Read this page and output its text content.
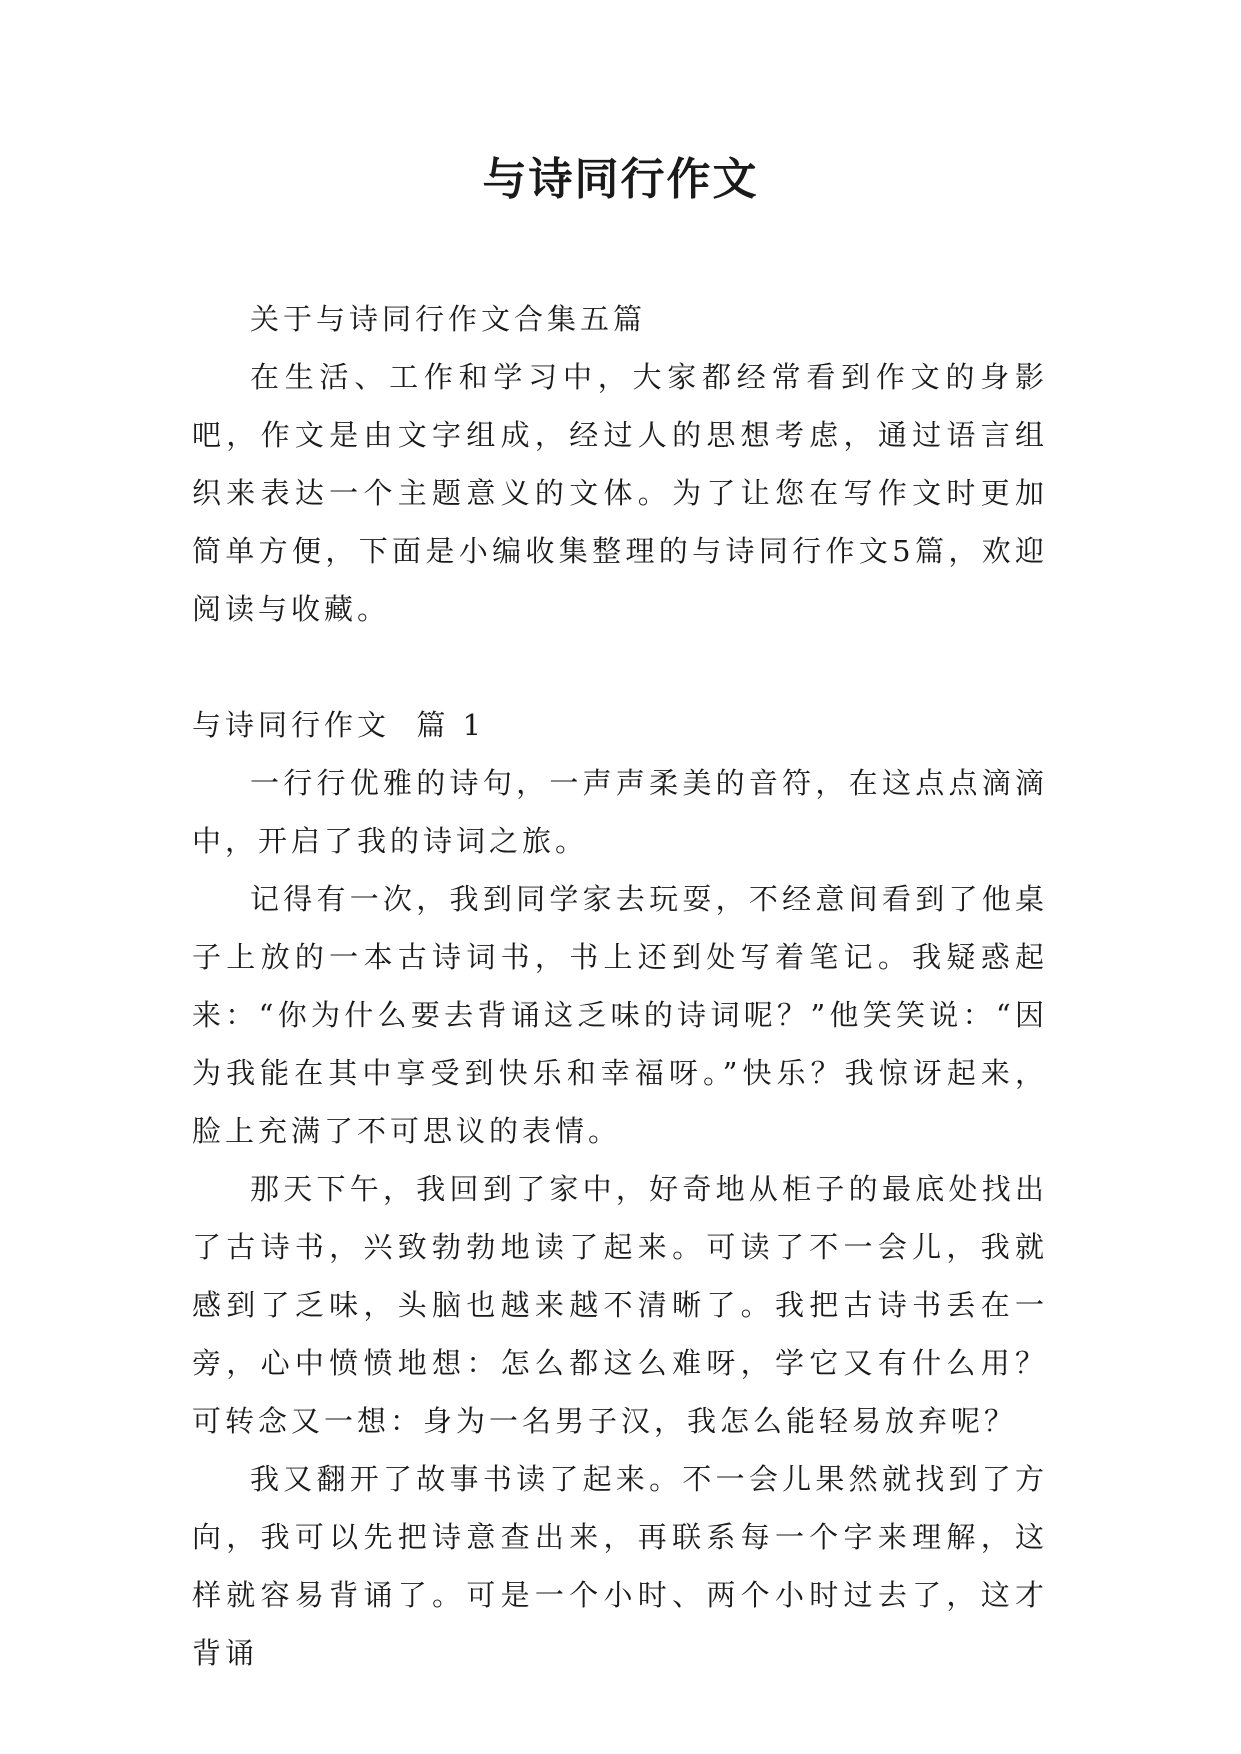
与诗同行作文

关于与诗同行作文合集五篇

在生活、工作和学习中，大家都经常看到作文的身影吧，作文是由文字组成，经过人的思想考虑，通过语言组织来表达一个主题意义的文体。为了让您在写作文时更加简单方便，下面是小编收集整理的与诗同行作文5篇，欢迎阅读与收藏。

与诗同行作文  篇 1

一行行优雅的诗句，一声声柔美的音符，在这点点滴滴中，开启了我的诗词之旅。

记得有一次，我到同学家去玩耍，不经意间看到了他桌子上放的一本古诗词书，书上还到处写着笔记。我疑惑起来：“你为什么要去背诵这乏味的诗词呢？”他笑笑说：“因为我能在其中享受到快乐和幸福呀。”快乐？我惊讶起来，脸上充满了不可思议的表情。

那天下午，我回到了家中，好奇地从柜子的最底处找出了古诗书，兴致勃勃地读了起来。可读了不一会儿，我就感到了乏味，头脑也越来越不清晰了。我把古诗书丢在一旁，心中愤愤地想：怎么都这么难呀，学它又有什么用？可转念又一想：身为一名男子汉，我怎么能轻易放弃呢？

我又翻开了故事书读了起来。不一会儿果然就找到了方向，我可以先把诗意查出来，再联系每一个字来理解，这样就容易背诵了。可是一个小时、两个小时过去了，这才背诵
